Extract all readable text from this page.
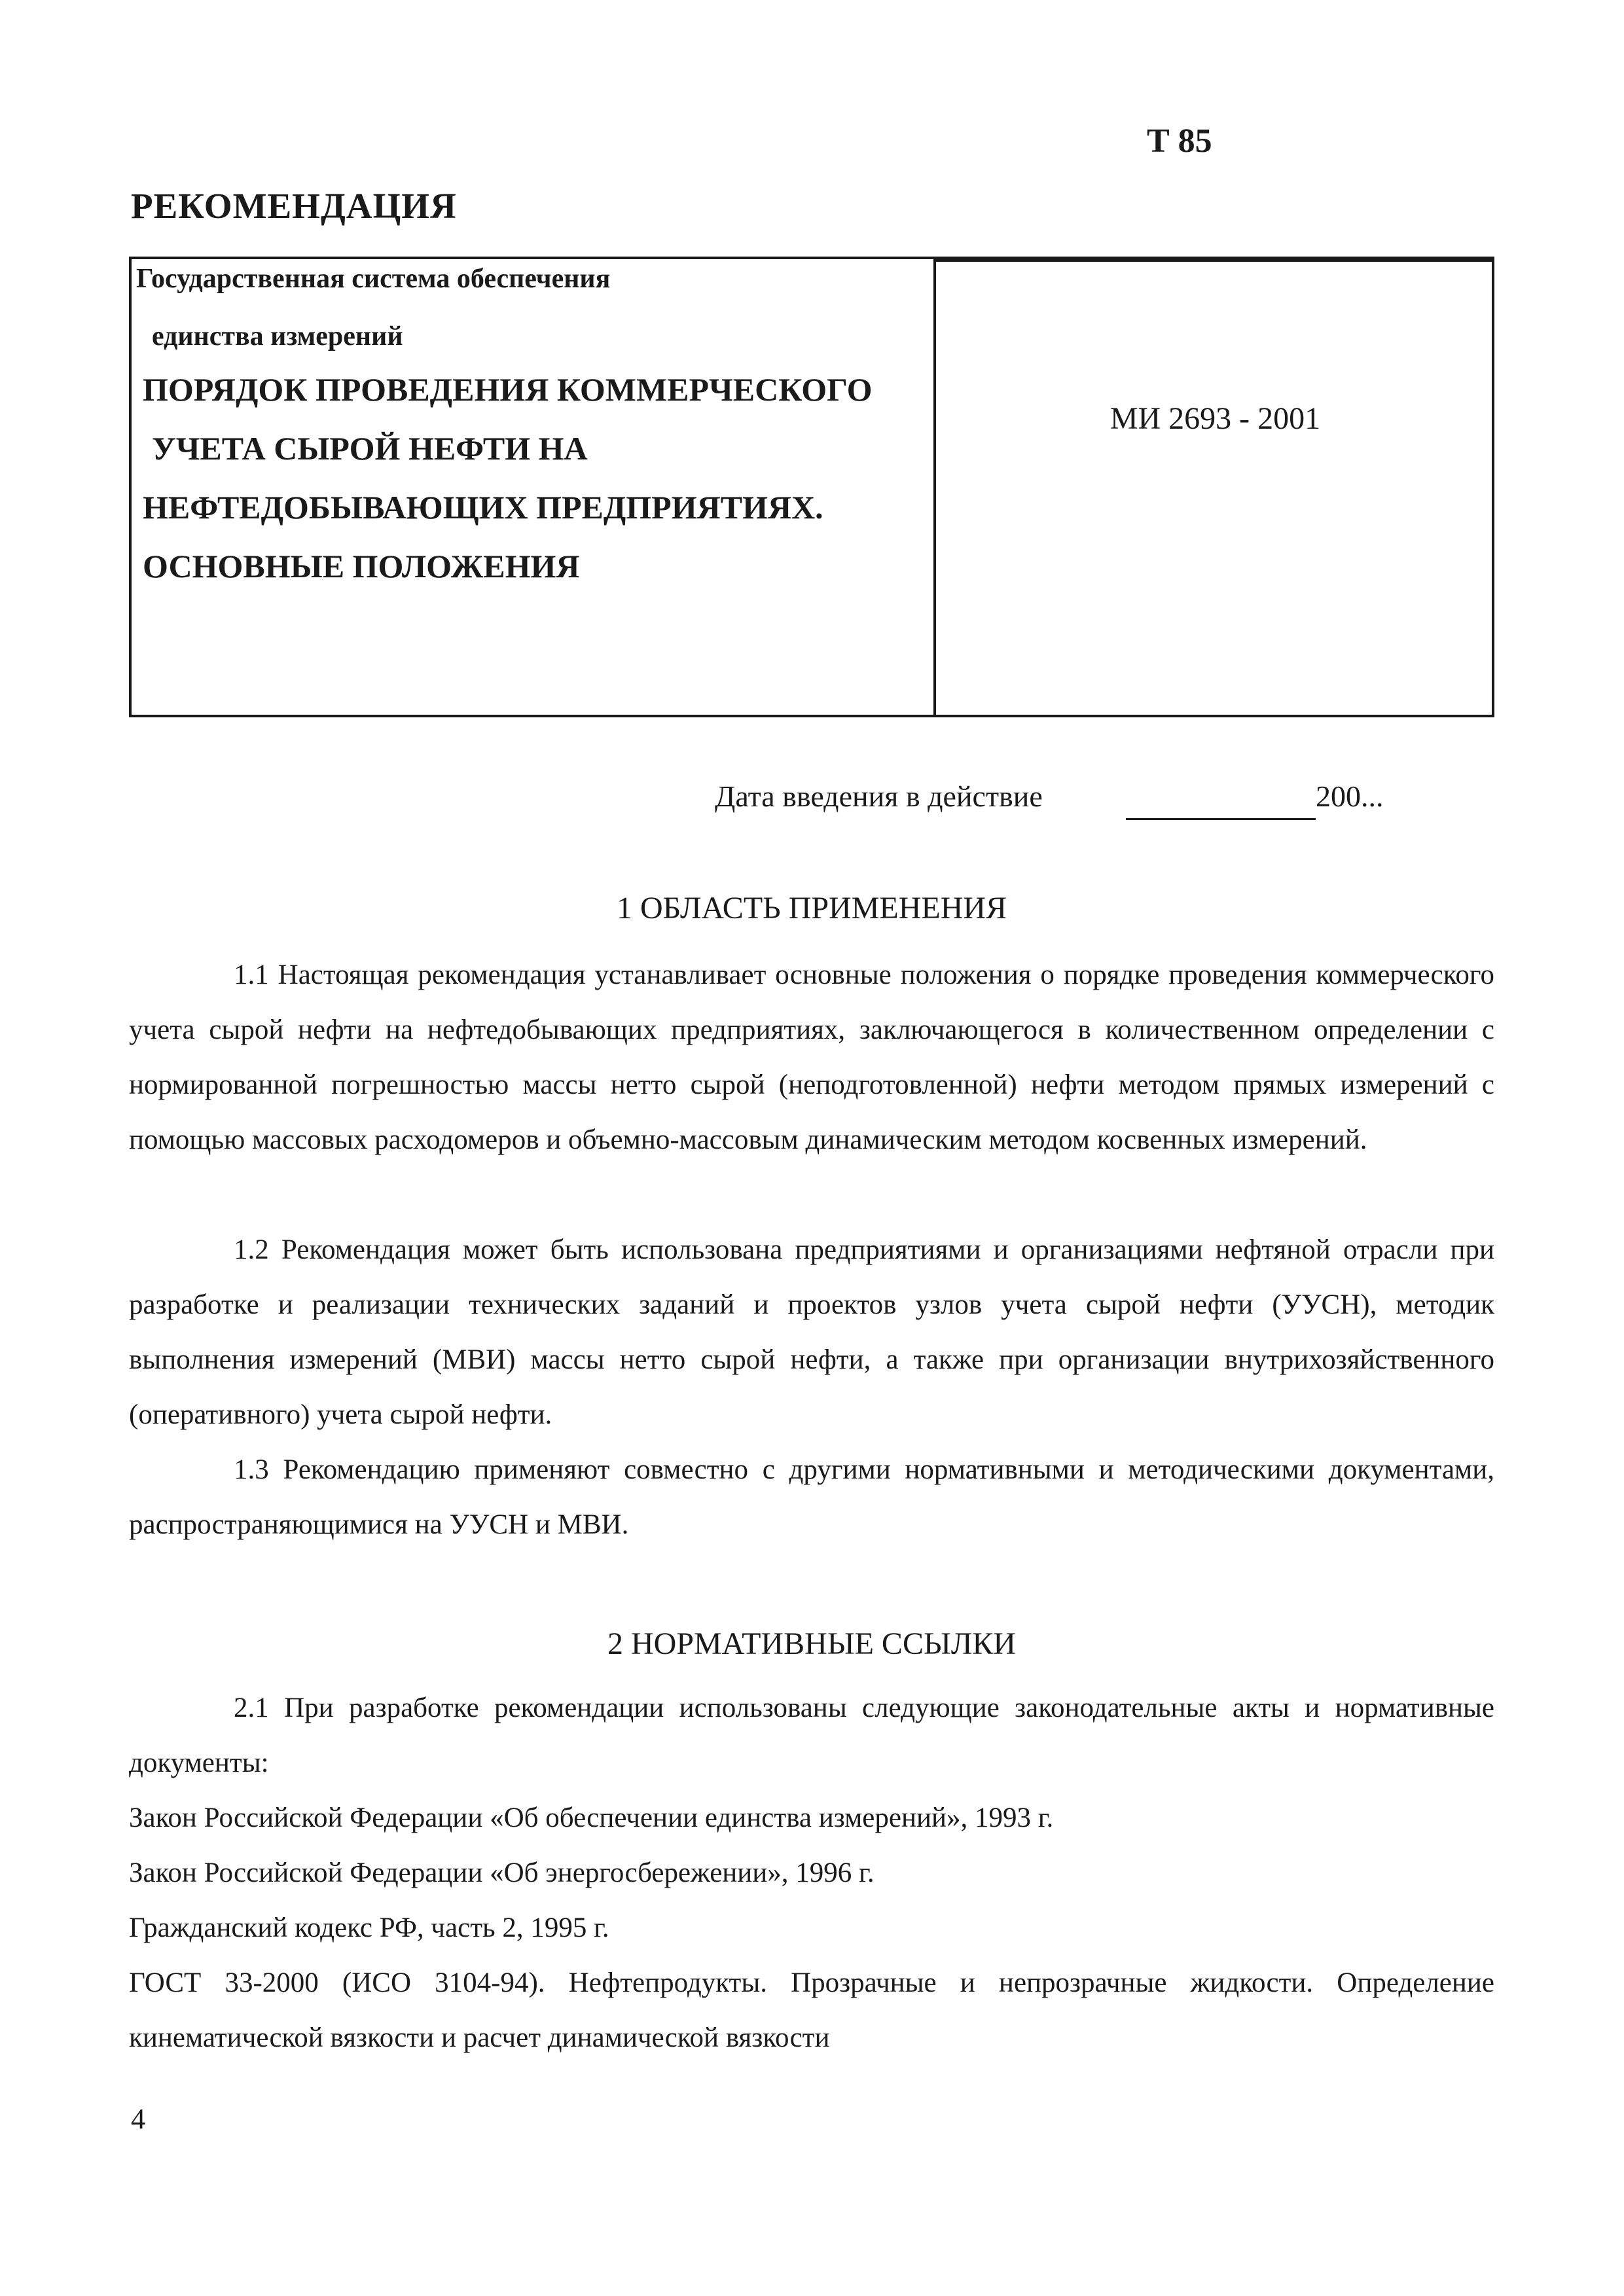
Т 85
РЕКОМЕНДАЦИЯ
Государственная система обеспечения
единства измерений
ПОРЯДОК ПРОВЕДЕНИЯ КОММЕРЧЕСКОГО
УЧЕТА СЫРОЙ НЕФТИ НА
НЕФТЕДОБЫВАЮЩИХ ПРЕДПРИЯТИЯХ.
ОСНОВНЫЕ ПОЛОЖЕНИЯ
МИ 2693 - 2001
Дата введения в действие	200...
1 ОБЛАСТЬ ПРИМЕНЕНИЯ
1.1 Настоящая рекомендация устанавливает основные положения о порядке проведения коммерческого учета сырой нефти на нефтедобывающих предприятиях, заключающегося в количественном определении с нормированной погрешностью массы нетто сырой (неподготовленной) нефти методом прямых измерений с помощью массовых расходомеров и объемно-массовым динамическим методом косвенных измерений.
1.2 Рекомендация может быть использована предприятиями и организациями нефтяной отрасли при разработке и реализации технических заданий и проектов узлов учета сырой нефти (УУСН), методик выполнения измерений (МВИ) массы нетто сырой нефти, а также при организации внутрихозяйственного (оперативного) учета сырой нефти.
1.3 Рекомендацию применяют совместно с другими нормативными и методическими документами, распространяющимися на УУСН и МВИ.
2 НОРМАТИВНЫЕ ССЫЛКИ
2.1 При разработке рекомендации использованы следующие законодательные акты и нормативные документы:
Закон Российской Федерации «Об обеспечении единства измерений», 1993 г.
Закон Российской Федерации «Об энергосбережении», 1996 г.
Гражданский кодекс РФ, часть 2, 1995 г.
ГОСТ 33-2000 (ИСО 3104-94). Нефтепродукты. Прозрачные и непрозрачные жидкости. Определение кинематической вязкости и расчет динамической вязкости
4
